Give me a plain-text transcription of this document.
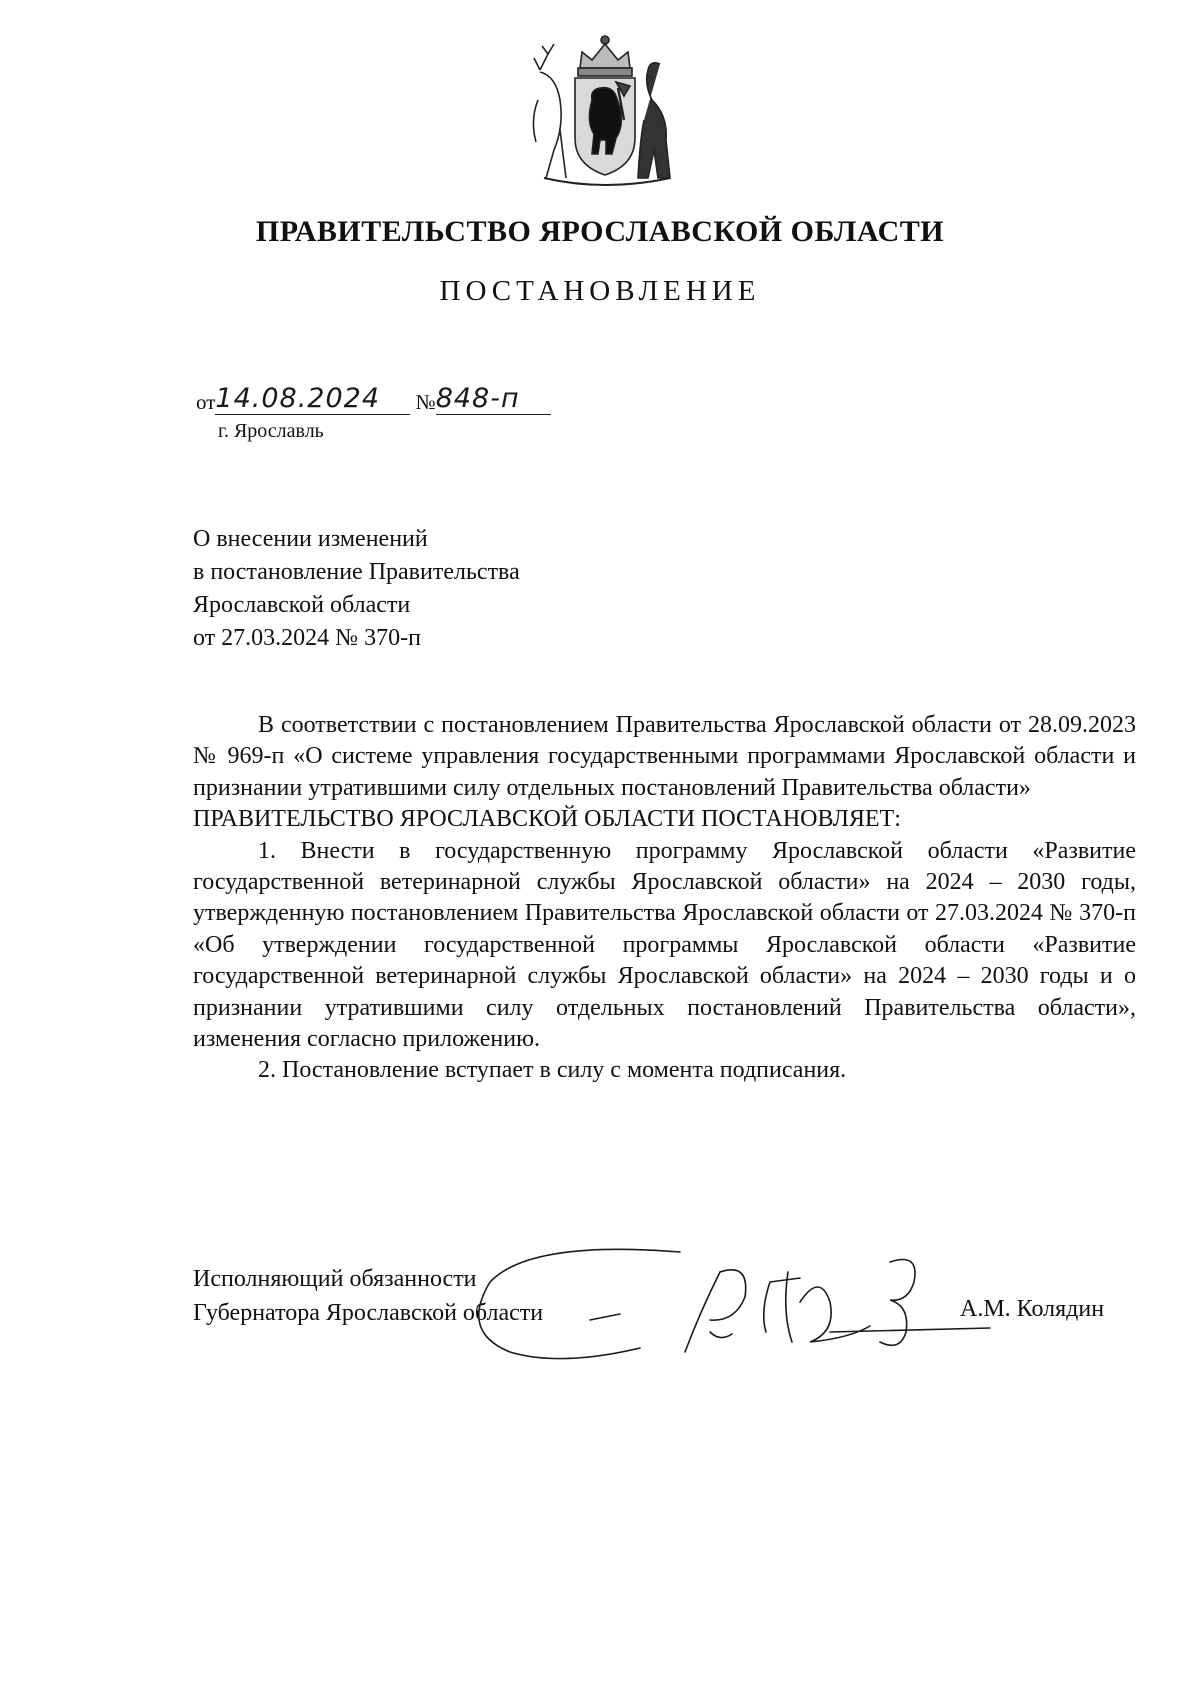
ПРАВИТЕЛЬСТВО ЯРОСЛАВСКОЙ ОБЛАСТИ
ПОСТАНОВЛЕНИЕ
от14.08.2024 №848-п
г. Ярославль
О внесении изменений
в постановление Правительства
Ярославской области
от 27.03.2024 № 370-п

В соответствии с постановлением Правительства Ярославской области от 28.09.2023 № 969-п «О системе управления государственными программами Ярославской области и признании утратившими силу отдельных постановлений Правительства области»

ПРАВИТЕЛЬСТВО ЯРОСЛАВСКОЙ ОБЛАСТИ ПОСТАНОВЛЯЕТ:

1. Внести в государственную программу Ярославской области «Развитие государственной ветеринарной службы Ярославской области» на 2024 – 2030 годы, утвержденную постановлением Правительства Ярославской области от 27.03.2024 № 370-п «Об утверждении государственной программы Ярославской области «Развитие государственной ветеринарной службы Ярославской области» на 2024 – 2030 годы и о признании утратившими силу отдельных постановлений Правительства области», изменения согласно приложению.

2. Постановление вступает в силу с момента подписания.

Исполняющий обязанности
Губернатора Ярославской области	А.М. Колядин
